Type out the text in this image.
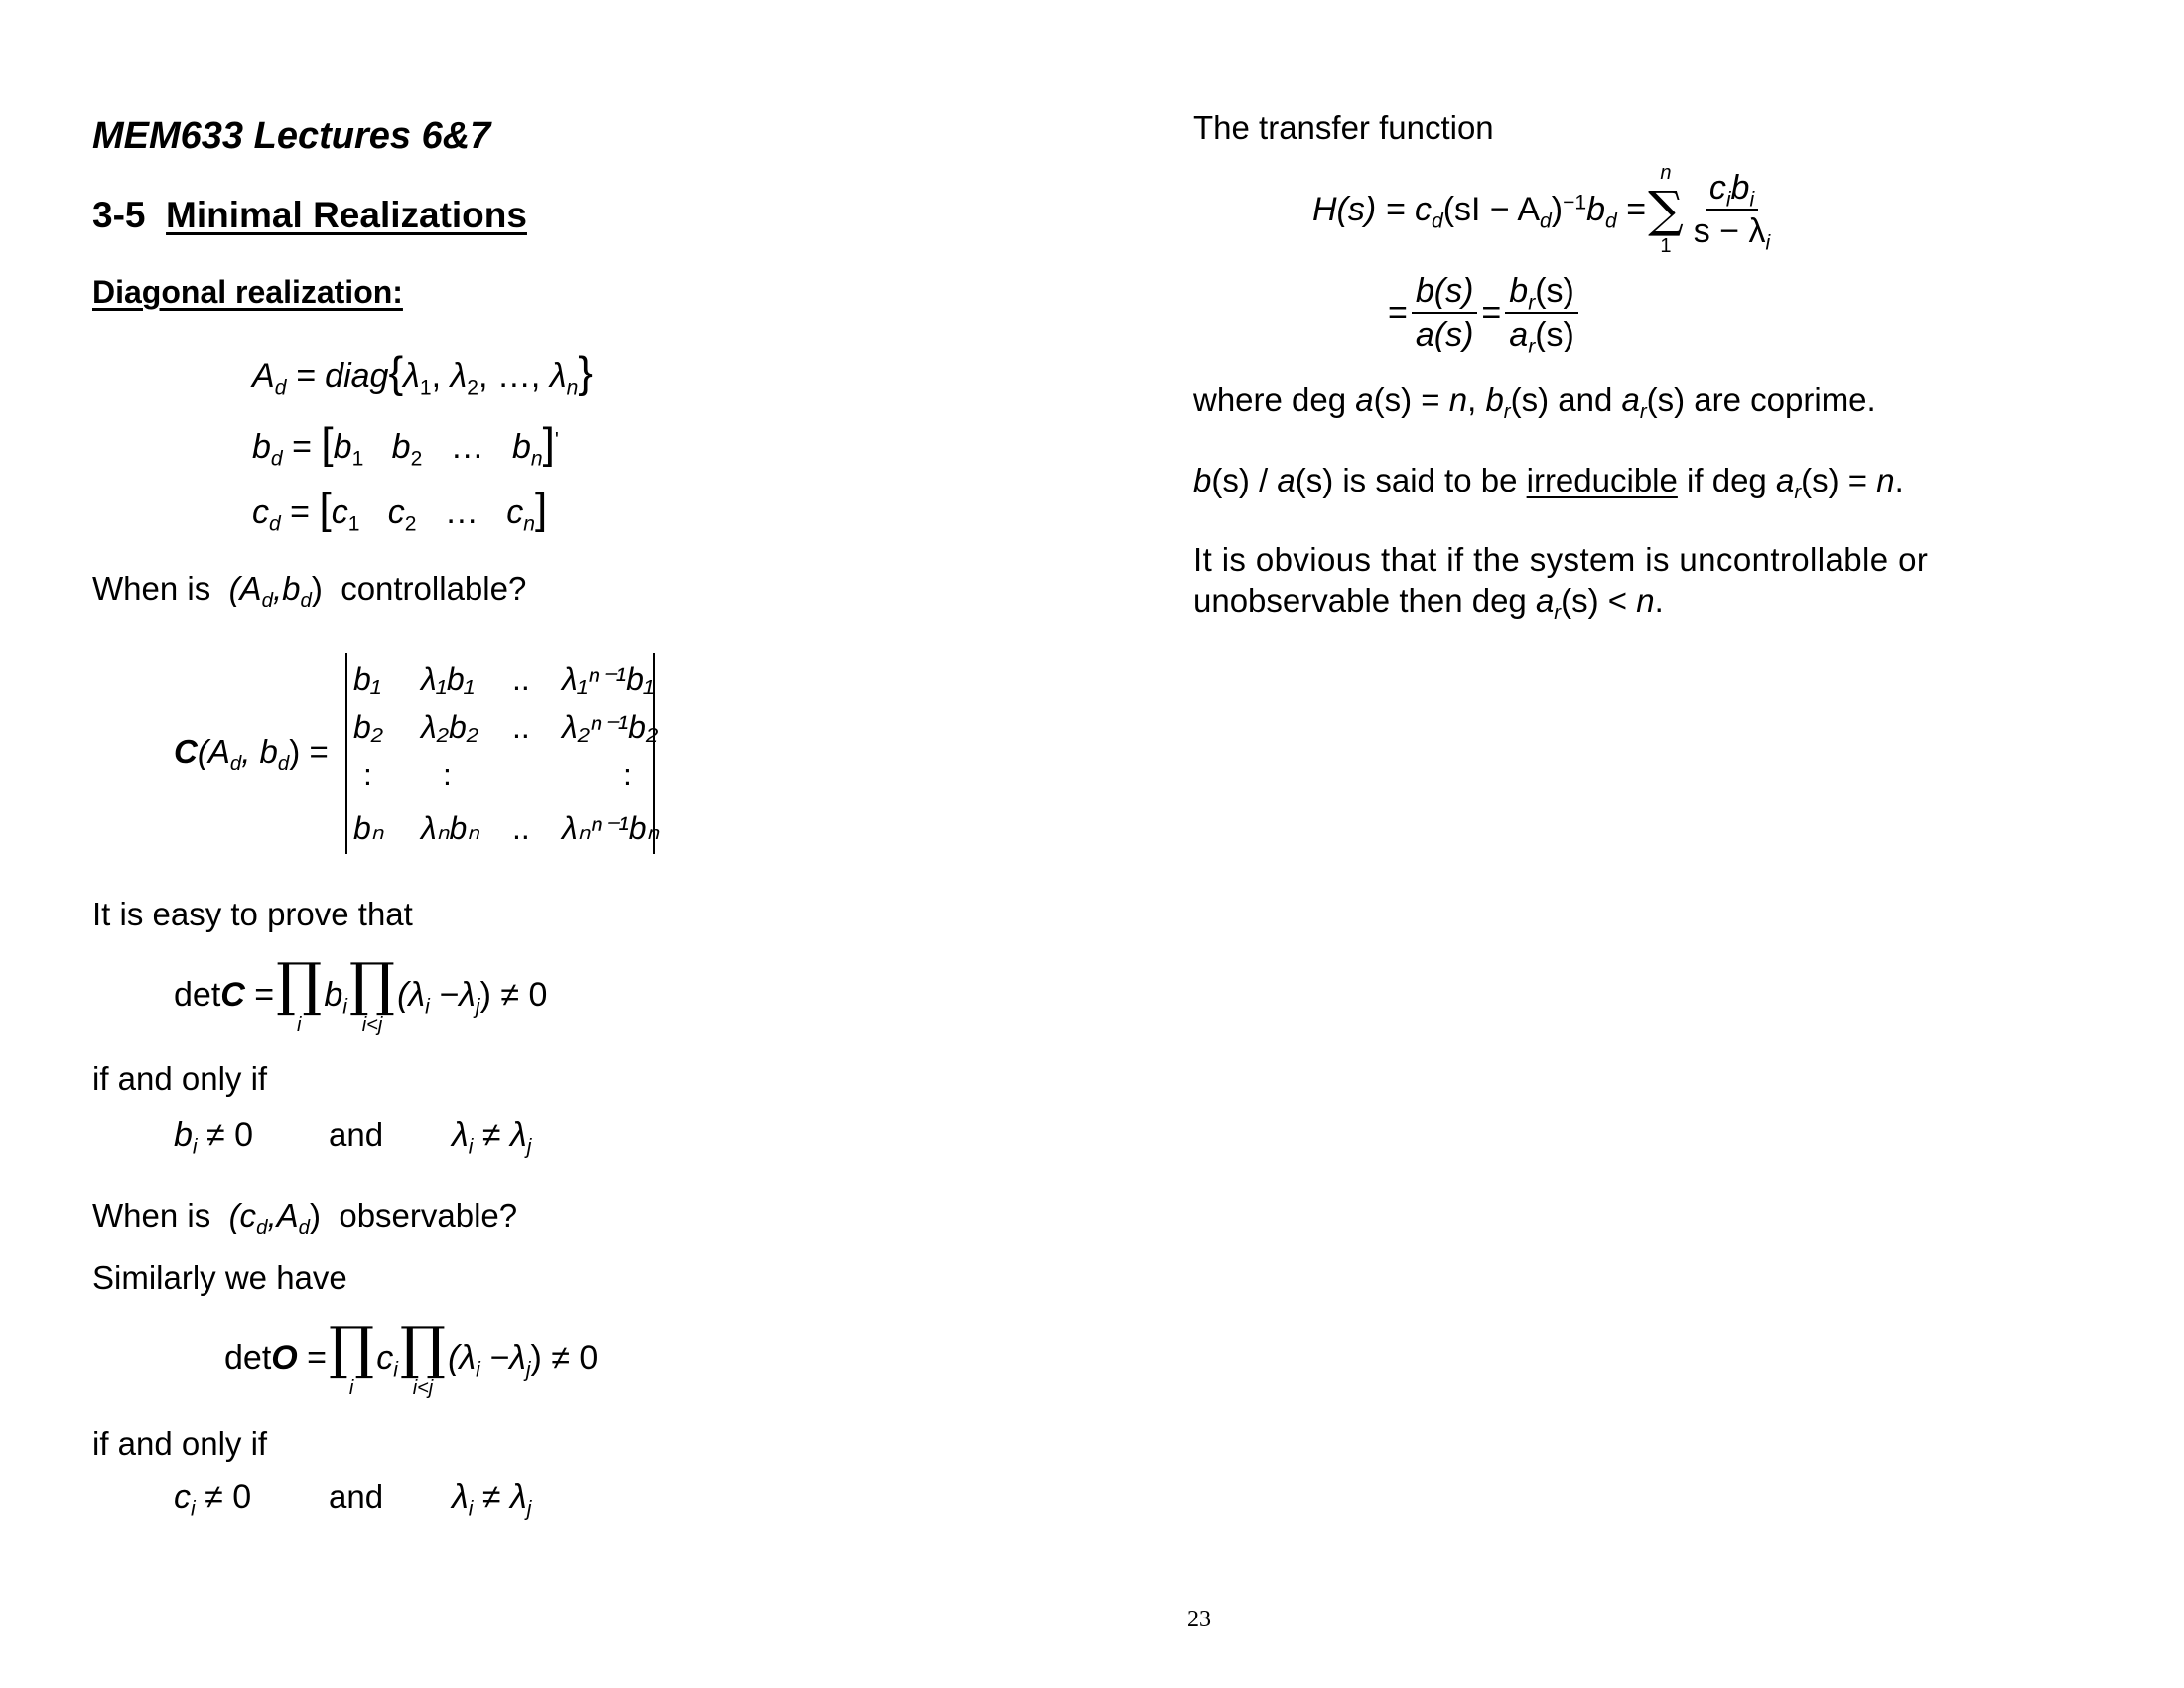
MEM633 Lectures 6&7
3-5 Minimal Realizations
Diagonal realization:
$A_d$ = $diag\{\lambda_1$, $\lambda_2$, …, $\lambda_n$}
$b_d = [b_1$ $b_2$ … $b_n]'$
$c_d = [c_1$ $c_2$ … $c_n$]
When is $(A_d,b_d)$ controllable?
$C(A_d$, $b_d$) =
b₁ λ₁b₁ .. λ₁ⁿ⁻¹b₁
b₂ λ₂b₂ .. λ₂ⁿ⁻¹b₂
: :	:
bₙ λₙbₙ .. λₙⁿ⁻¹bₙ
It is easy to prove that
det C
= ∏
i
$b_i$ ∏
i<j
$(\lambda_i -\lambda_j) \ne 0$
if and only if
$b_i \ne 0$ and $\lambda_i \ne \lambda_j$
When is $(c_d,A_d)$ observable?
Similarly we have
det O
= ∏
i
$c_i$ ∏
i<j
$(\lambda_i -\lambda_j) \ne 0$
if and only if
$c_i \ne 0$ and $\lambda_i \ne \lambda_j$
The transfer function
$H(s) = c_d(sI - A_d)^{-1}b_d$ =
n
∑
$1 \frac{c_ib_i}{s - \lambda_i}$
= $\frac{b(s)}{a(s)} = \frac{b_r(s)}{a_r(s)}$
where deg a(s) = n, $b_r(s)$ and $a_r(s)$ are coprime.
b(s) / a(s) is said to be irreducible if deg $a_r(s) = n$.
It is obvious that if the system is uncontrollable or
unobservable then deg $a_r(s) < n$.
23
